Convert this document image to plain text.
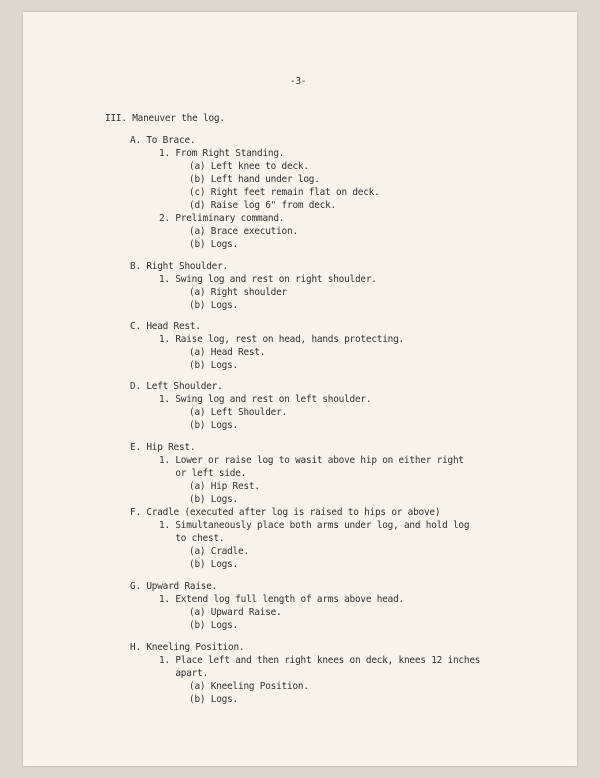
-3-

III. Maneuver the log.

A. To Brace.

1. From Right Standing.

(a) Left knee to deck.

(b) Left hand under log.

(c) Right feet remain flat on deck.

(d) Raise log 6" from deck.

2. Preliminary command.

(a) Brace execution.

(b) Logs.

B. Right Shoulder.

1. Swing log and rest on right shoulder.

(a) Right shoulder

(b) Logs.

C. Head Rest.

1. Raise log, rest on head, hands protecting.

(a) Head Rest.

(b) Logs.

D. Left Shoulder.

1. Swing log and rest on left shoulder.

(a) Left Shoulder.

(b) Logs.

E. Hip Rest.

1. Lower or raise log to wasit above hip on either right

or left side.

(a) Hip Rest.

(b) Logs.

F. Cradle (executed after log is raised to hips or above)

1. Simultaneously place both arms under log, and hold log

to chest.

(a) Cradle.

(b) Logs.

G. Upward Raise.

1. Extend log full length of arms above head.

(a) Upward Raise.

(b) Logs.

H. Kneeling Position.

1. Place left and then right knees on deck, knees 12 inches

apart.

(a) Kneeling Position.

(b) Logs.
